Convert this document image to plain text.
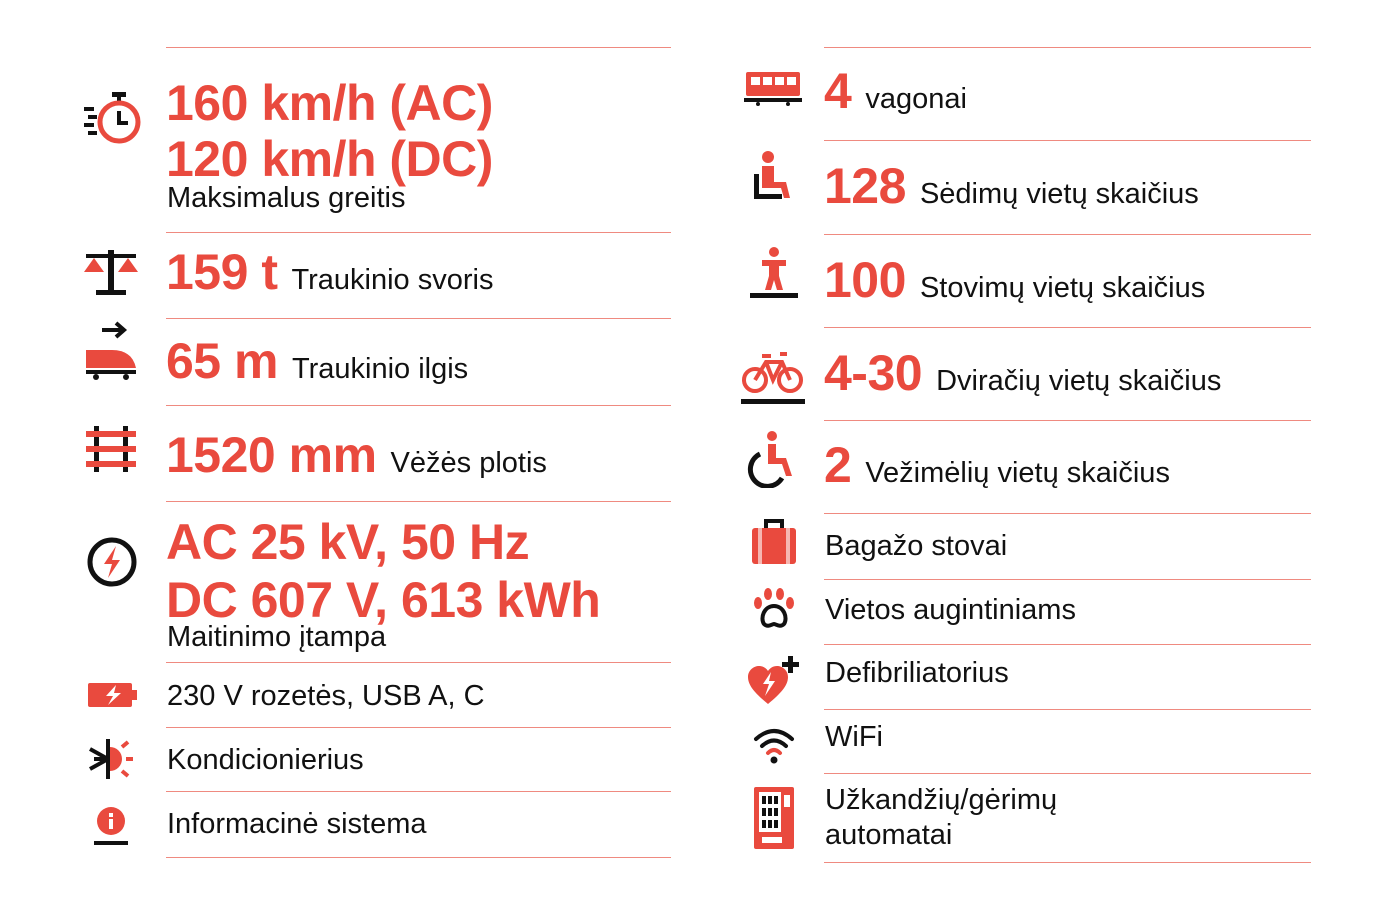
160 km/h (AC)
120 km/h (DC)
Maksimalus greitis
159 t Traukinio svoris
65 m Traukinio ilgis
1520 mm Vėžės plotis
AC 25 kV, 50 Hz
DC 607 V, 613 kWh
Maitinimo įtampa
230 V rozetės, USB A, C
Kondicionierius
Informacinė sistema
4 vagonai
128 Sėdimų vietų skaičius
100 Stovimų vietų skaičius
4-30 Dviračių vietų skaičius
2 Vežimėlių vietų skaičius
Bagažo stovai
Vietos augintiniams
Defibriliatorius
WiFi
Užkandžių/gėrimų
automatai
